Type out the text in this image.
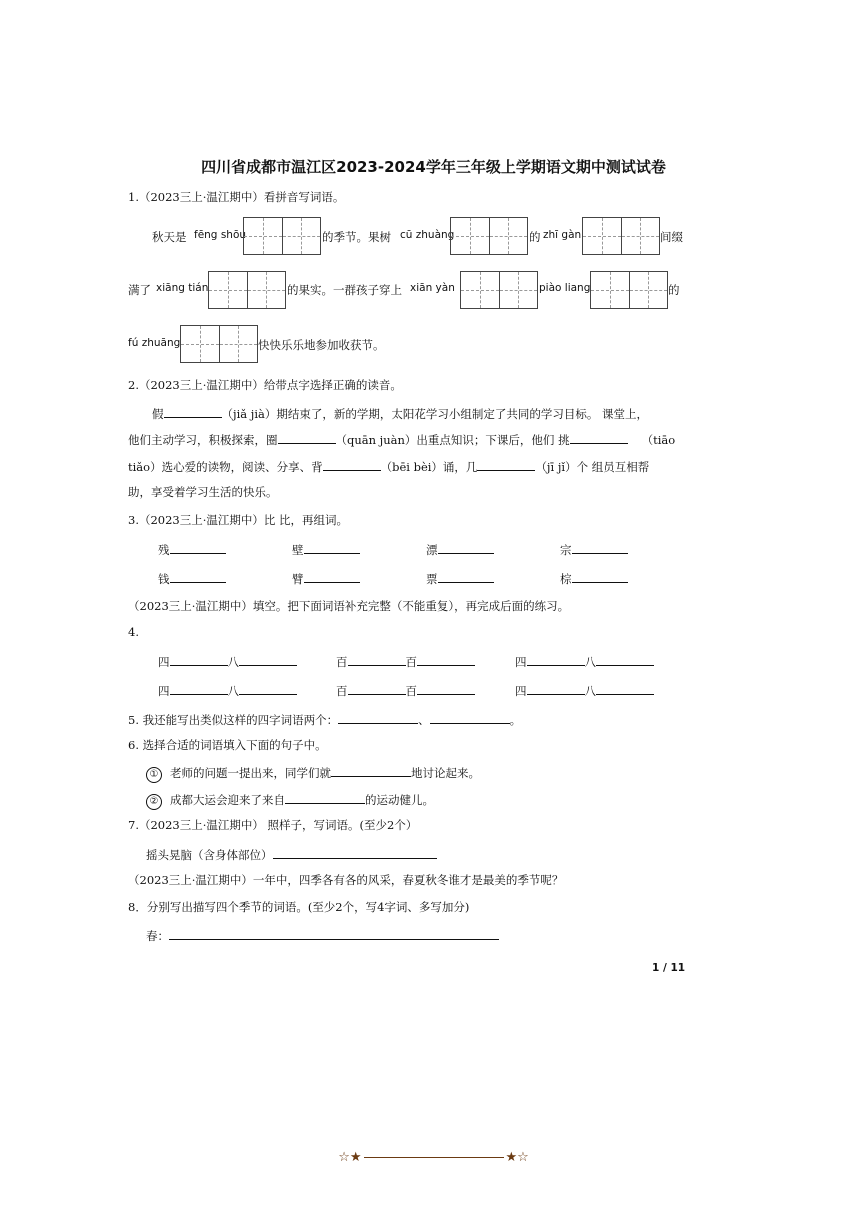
四川省成都市温江区2023-2024学年三年级上学期语文期中测试试卷
1.（2023三上·温江期中）看拼音写词语。
秋天是 fēng shōu	的季节。果树 cū zhuàng	的 zhī gàn	间缀
满了 xiāng tián	的果实。一群孩子穿上 xiān yàn	piào liang	的
fú zhuāng	快快乐乐地参加收获节。
2.（2023三上·温江期中）给带点字选择正确的读音。
假	（jiǎ jià）期结束了，新的学期，太阳花学习小组制定了共同的学习目标。 课堂上，
他们主动学习，积极探索，圈	（quān juàn）出重点知识；下课后，他们 挑	（tiāo
tiǎo）选心爱的读物，阅读、分享、背	（bēi bèi）诵，几	（jī jǐ）个 组员互相帮
助，享受着学习生活的快乐。
3.（2023三上·温江期中）比 比，再组词。
残	壁	漂	宗
钱	臂	票	棕
（2023三上·温江期中）填空。把下面词语补充完整（不能重复），再完成后面的练习。
4.
四	八	百	百	四	八
四	八	百	百	四	八
5. 我还能写出类似这样的四字词语两个：	、	。
6. 选择合适的词语填入下面的句子中。
① 老师的问题一提出来，同学们就	地讨论起来。
② 成都大运会迎来了来自	的运动健儿。
7.（2023三上·温江期中） 照样子，写词语。(至少2个）
摇头晃脑（含身体部位）
（2023三上·温江期中）一年中，四季各有各的风采，春夏秋冬谁才是最美的季节呢？
8．分别写出描写四个季节的词语。(至少2个，写4字词、多写加分)
春：
1 / 11
☆★	★☆
